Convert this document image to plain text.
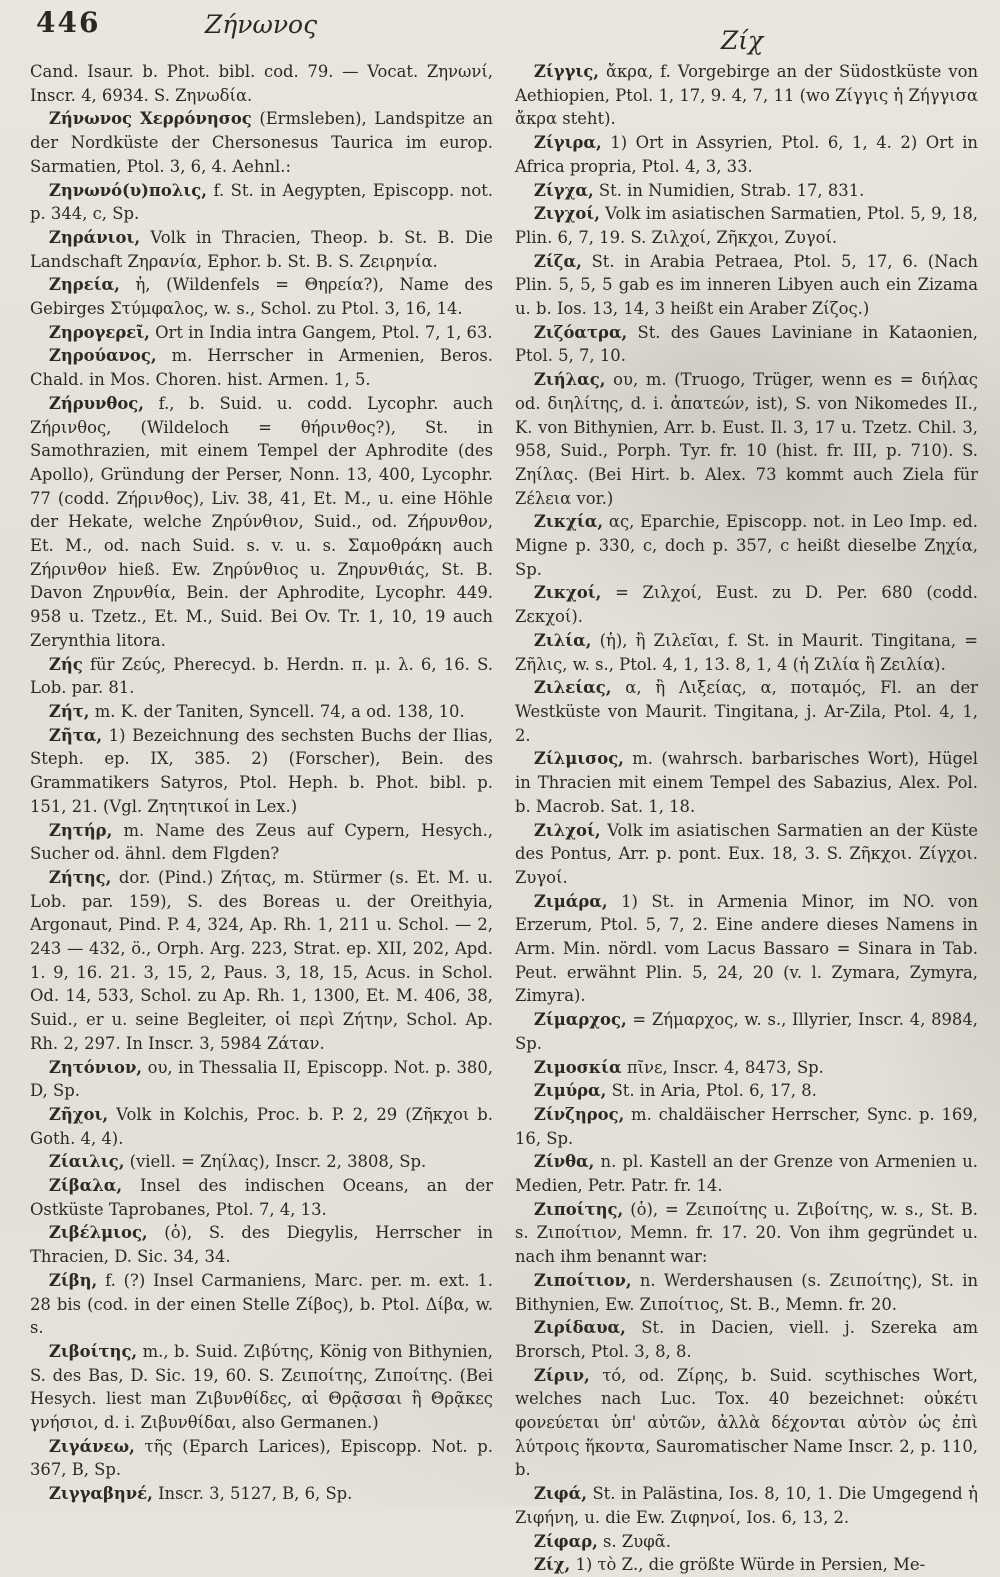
446	Ζήνωνος
Ζίχ

Cand. Isaur. b. Phot. bibl. cod. 79. — Vocat. Ζηνωνί, Inscr. 4, 6934. S. Ζηνωδία.

Ζήνωνος Χερρόνησος (Ermsleben), Landspitze an der Nordküste der Chersonesus Taurica im europ. Sarmatien, Ptol. 3, 6, 4. Aehnl.:

Ζηνωνό(υ)πολις, f. St. in Aegypten, Episcopp. not. p. 344, c, Sp.

Ζηράνιοι, Volk in Thracien, Theop. b. St. B. Die Landschaft Ζηρανία, Ephor. b. St. B. S. Ζειρηνία.

Ζηρεία, ἡ, (Wildenfels = Θηρεία?), Name des Gebirges Στύμφαλος, w. s., Schol. zu Ptol. 3, 16, 14.

Ζηρογερεῖ, Ort in India intra Gangem, Ptol. 7, 1, 63.

Ζηρούανος, m. Herrscher in Armenien, Beros. Chald. in Mos. Choren. hist. Armen. 1, 5.

Ζήρυνθος, f., b. Suid. u. codd. Lycophr. auch Ζήρινθος, (Wildeloch = θήρινθος?), St. in Samothrazien, mit einem Tempel der Aphrodite (des Apollo), Gründung der Perser, Nonn. 13, 400, Lycophr. 77 (codd. Ζήρινθος), Liv. 38, 41, Et. M., u. eine Höhle der Hekate, welche Ζηρύνθιον, Suid., od. Ζήρυνθον, Et. M., od. nach Suid. s. v. u. s. Σαμοθράκη auch Ζήρινθον hieß. Ew. Ζηρύνθιος u. Ζηρυνθιάς, St. B. Davon Ζηρυνθία, Bein. der Aphrodite, Lycophr. 449. 958 u. Tzetz., Et. M., Suid. Bei Ov. Tr. 1, 10, 19 auch Zerynthia litora.

Ζής für Ζεύς, Pherecyd. b. Herdn. π. μ. λ. 6, 16. S. Lob. par. 81.

Ζήτ, m. K. der Taniten, Syncell. 74, a od. 138, 10.

Ζῆτα, 1) Bezeichnung des sechsten Buchs der Ilias, Steph. ep. IX, 385. 2) (Forscher), Bein. des Grammatikers Satyros, Ptol. Heph. b. Phot. bibl. p. 151, 21. (Vgl. Ζητητικοί in Lex.)

Ζητήρ, m. Name des Zeus auf Cypern, Hesych., Sucher od. ähnl. dem Flgden?

Ζήτης, dor. (Pind.) Ζήτας, m. Stürmer (s. Et. M. u. Lob. par. 159), S. des Boreas u. der Oreithyia, Argonaut, Pind. P. 4, 324, Ap. Rh. 1, 211 u. Schol. — 2, 243 — 432, ö., Orph. Arg. 223, Strat. ep. XII, 202, Apd. 1. 9, 16. 21. 3, 15, 2, Paus. 3, 18, 15, Acus. in Schol. Od. 14, 533, Schol. zu Ap. Rh. 1, 1300, Et. M. 406, 38, Suid., er u. seine Begleiter, οἱ περὶ Ζήτην, Schol. Ap. Rh. 2, 297. In Inscr. 3, 5984 Ζάταν.

Ζητόνιον, ου, in Thessalia II, Episcopp. Not. p. 380, D, Sp.

Ζῆχοι, Volk in Kolchis, Proc. b. P. 2, 29 (Ζῆκχοι b. Goth. 4, 4).

Ζίαιλις, (viell. = Ζηίλας), Inscr. 2, 3808, Sp.

Ζίβαλα, Insel des indischen Oceans, an der Ostküste Taprobanes, Ptol. 7, 4, 13.

Ζιβέλμιος, (ὁ), S. des Diegylis, Herrscher in Thracien, D. Sic. 34, 34.

Ζίβη, f. (?) Insel Carmaniens, Marc. per. m. ext. 1. 28 bis (cod. in der einen Stelle Ζίβος), b. Ptol. Δίβα, w. s.

Ζιβοίτης, m., b. Suid. Ζιβύτης, König von Bithynien, S. des Bas, D. Sic. 19, 60. S. Ζειποίτης, Ζιποίτης. (Bei Hesych. liest man Ζιβυνθίδες, αἱ Θρᾷσσαι ἢ Θρᾷκες γνήσιοι, d. i. Ζιβυνθίδαι, also Germanen.)

Ζιγάνεω, τῆς (Eparch Larices), Episcopp. Not. p. 367, B, Sp.

Ζιγγαβηνέ, Inscr. 3, 5127, B, 6, Sp.

Ζίγγις, ἄκρα, f. Vorgebirge an der Südostküste von Aethiopien, Ptol. 1, 17, 9. 4, 7, 11 (wo Ζίγγις ἡ Ζήγγισα ἄκρα steht).

Ζίγιρα, 1) Ort in Assyrien, Ptol. 6, 1, 4. 2) Ort in Africa propria, Ptol. 4, 3, 33.

Ζίγχα, St. in Numidien, Strab. 17, 831.

Ζιγχοί, Volk im asiatischen Sarmatien, Ptol. 5, 9, 18, Plin. 6, 7, 19. S. Ζιλχοί, Ζῆκχοι, Ζυγοί.

Ζίζα, St. in Arabia Petraea, Ptol. 5, 17, 6. (Nach Plin. 5, 5, 5 gab es im inneren Libyen auch ein Zizama u. b. Ios. 13, 14, 3 heißt ein Araber Ζίζος.)

Ζιζόατρα, St. des Gaues Laviniane in Kataonien, Ptol. 5, 7, 10.

Ζιήλας, ου, m. (Truogo, Trüger, wenn es = διήλας od. διηλίτης, d. i. ἀπατεών, ist), S. von Nikomedes II., K. von Bithynien, Arr. b. Eust. Il. 3, 17 u. Tzetz. Chil. 3, 958, Suid., Porph. Tyr. fr. 10 (hist. fr. III, p. 710). S. Ζηίλας. (Bei Hirt. b. Alex. 73 kommt auch Ziela für Ζέλεια vor.)

Ζικχία, ας, Eparchie, Episcopp. not. in Leo Imp. ed. Migne p. 330, c, doch p. 357, c heißt dieselbe Ζηχία, Sp.

Ζικχοί, = Ζιλχοί, Eust. zu D. Per. 680 (codd. Ζεκχοί).

Ζιλία, (ἡ), ἢ Ζιλεῖαι, f. St. in Maurit. Tingitana, = Ζῆλις, w. s., Ptol. 4, 1, 13. 8, 1, 4 (ἡ Ζιλία ἢ Ζειλία).

Ζιλείας, α, ἢ Λιξείας, α, ποταμός, Fl. an der Westküste von Maurit. Tingitana, j. Ar-Zila, Ptol. 4, 1, 2.

Ζίλμισος, m. (wahrsch. barbarisches Wort), Hügel in Thracien mit einem Tempel des Sabazius, Alex. Pol. b. Macrob. Sat. 1, 18.

Ζιλχοί, Volk im asiatischen Sarmatien an der Küste des Pontus, Arr. p. pont. Eux. 18, 3. S. Ζῆκχοι. Ζίγχοι. Ζυγοί.

Ζιμάρα, 1) St. in Armenia Minor, im NO. von Erzerum, Ptol. 5, 7, 2. Eine andere dieses Namens in Arm. Min. nördl. vom Lacus Bassaro = Sinara in Tab. Peut. erwähnt Plin. 5, 24, 20 (v. l. Zymara, Zymyra, Zimyra).

Ζίμαρχος, = Ζήμαρχος, w. s., Illyrier, Inscr. 4, 8984, Sp.

Ζιμοσκία πῖνε, Inscr. 4, 8473, Sp.

Ζιμύρα, St. in Aria, Ptol. 6, 17, 8.

Ζίνζηρος, m. chaldäischer Herrscher, Sync. p. 169, 16, Sp.

Ζίνθα, n. pl. Kastell an der Grenze von Armenien u. Medien, Petr. Patr. fr. 14.

Ζιποίτης, (ὁ), = Ζειποίτης u. Ζιβοίτης, w. s., St. B. s. Ζιποίτιον, Memn. fr. 17. 20. Von ihm gegründet u. nach ihm benannt war:

Ζιποίτιον, n. Werdershausen (s. Ζειποίτης), St. in Bithynien, Ew. Ζιποίτιος, St. B., Memn. fr. 20.

Ζιρίδαυα, St. in Dacien, viell. j. Szereka am Brorsch, Ptol. 3, 8, 8.

Ζίριν, τό, od. Ζίρης, b. Suid. scythisches Wort, welches nach Luc. Tox. 40 bezeichnet: οὐκέτι φονεύεται ὑπ' αὐτῶν, ἀλλὰ δέχονται αὐτὸν ὡς ἐπὶ λύτροις ἥκοντα, Sauromatischer Name Inscr. 2, p. 110, b.

Ζιφά, St. in Palästina, Ios. 8, 10, 1. Die Umgegend ἡ Ζιφήνη, u. die Ew. Ζιφηνοί, Ios. 6, 13, 2.

Ζίφαρ, s. Ζυφᾶ.

Ζίχ, 1) τὸ Ζ., die größte Würde in Persien, Me-
